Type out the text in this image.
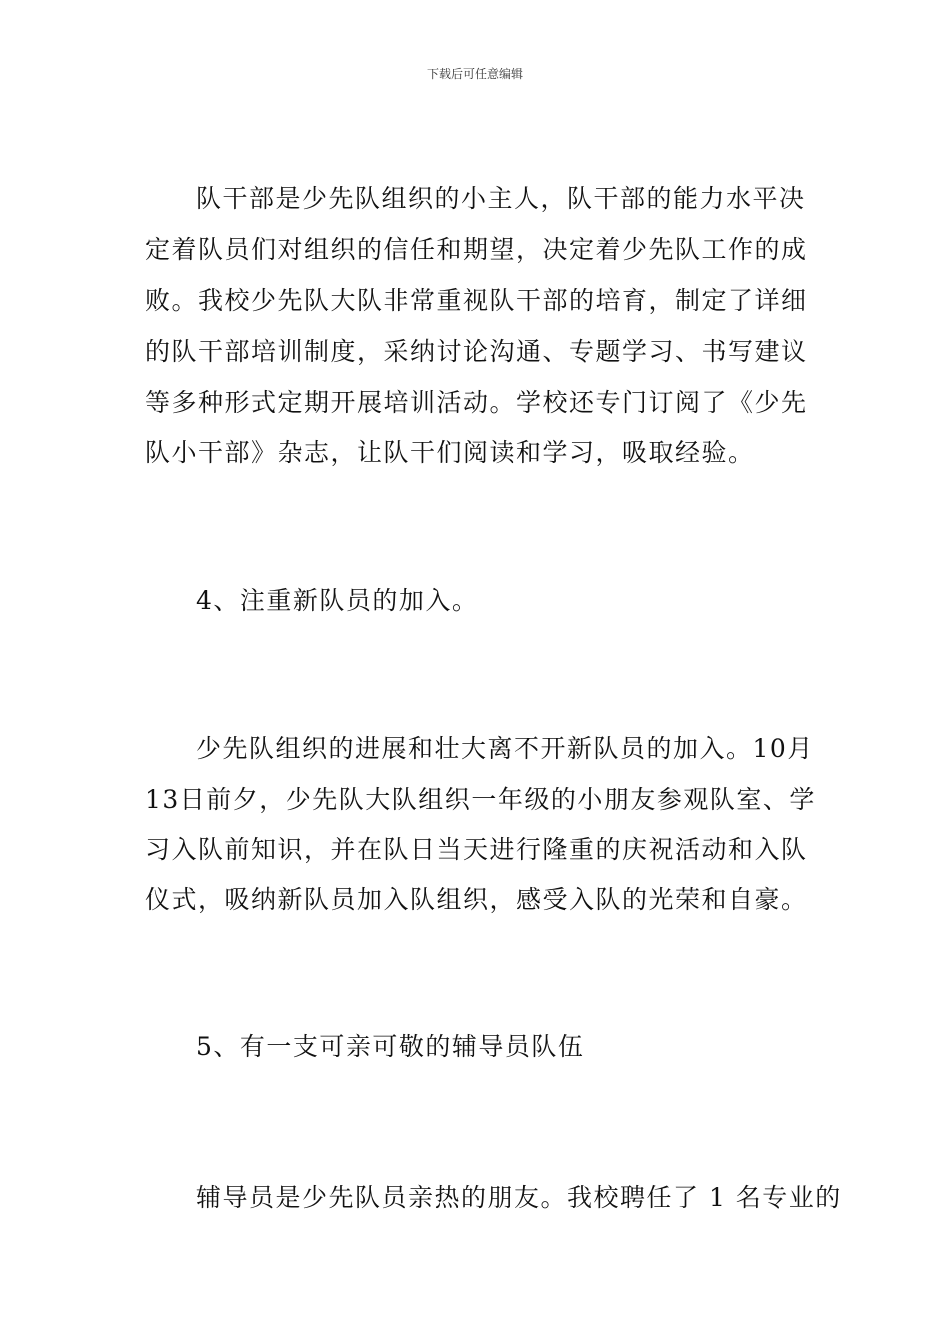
下载后可任意编辑
队干部是少先队组织的小主人，队干部的能力水平决
定着队员们对组织的信任和期望，决定着少先队工作的成
败。我校少先队大队非常重视队干部的培育，制定了详细
的队干部培训制度，采纳讨论沟通、专题学习、书写建议
等多种形式定期开展培训活动。学校还专门订阅了《少先
队小干部》杂志，让队干们阅读和学习，吸取经验。
4、注重新队员的加入。
少先队组织的进展和壮大离不开新队员的加入。10月
13日前夕，少先队大队组织一年级的小朋友参观队室、学
习入队前知识，并在队日当天进行隆重的庆祝活动和入队
仪式，吸纳新队员加入队组织，感受入队的光荣和自豪。
5、有一支可亲可敬的辅导员队伍
辅导员是少先队员亲热的朋友。我校聘任了 1 名专业的
